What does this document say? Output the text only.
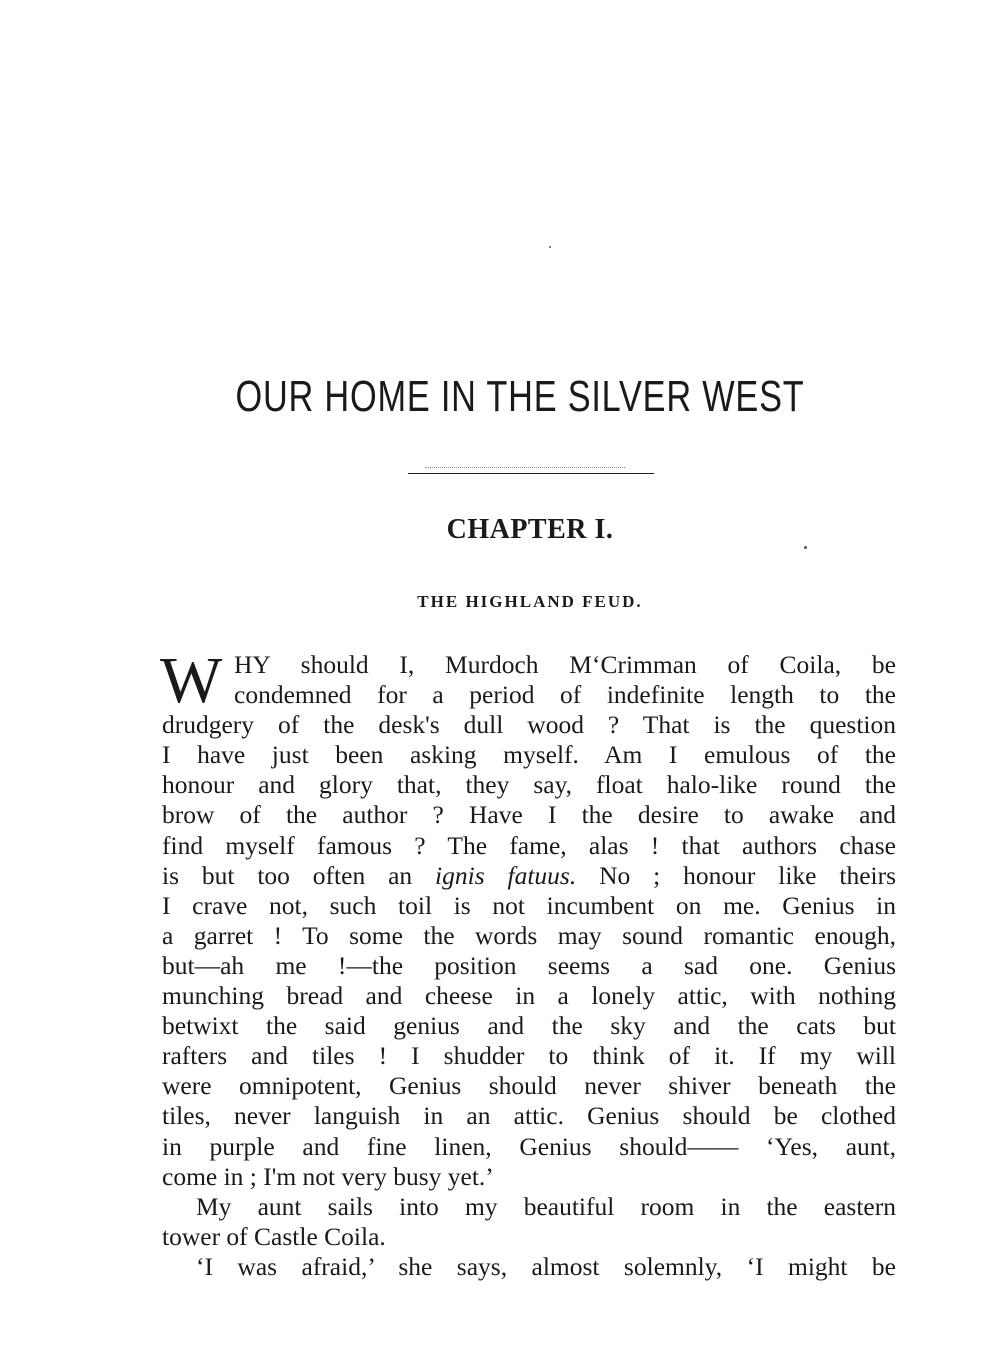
OUR HOME IN THE SILVER WEST
CHAPTER I.
THE HIGHLAND FEUD.
W HY should I, Murdoch M‘Crimman of Coila, be
condemned for a period of indefinite length to the
drudgery of the desk's dull wood ? That is the question
I have just been asking myself. Am I emulous of the
honour and glory that, they say, float halo-like round the
brow of the author ? Have I the desire to awake and
find myself famous ? The fame, alas ! that authors chase
is but too often an ignis fatuus. No ; honour like theirs
I crave not, such toil is not incumbent on me. Genius in
a garret ! To some the words may sound romantic enough,
but—ah me !—the position seems a sad one. Genius
munching bread and cheese in a lonely attic, with nothing
betwixt the said genius and the sky and the cats but
rafters and tiles ! I shudder to think of it. If my will
were omnipotent, Genius should never shiver beneath the
tiles, never languish in an attic. Genius should be clothed
in purple and fine linen, Genius should—— ‘Yes, aunt,
come in ; I'm not very busy yet.’
My aunt sails into my beautiful room in the eastern
tower of Castle Coila.
‘I was afraid,’ she says, almost solemnly, ‘I might be
